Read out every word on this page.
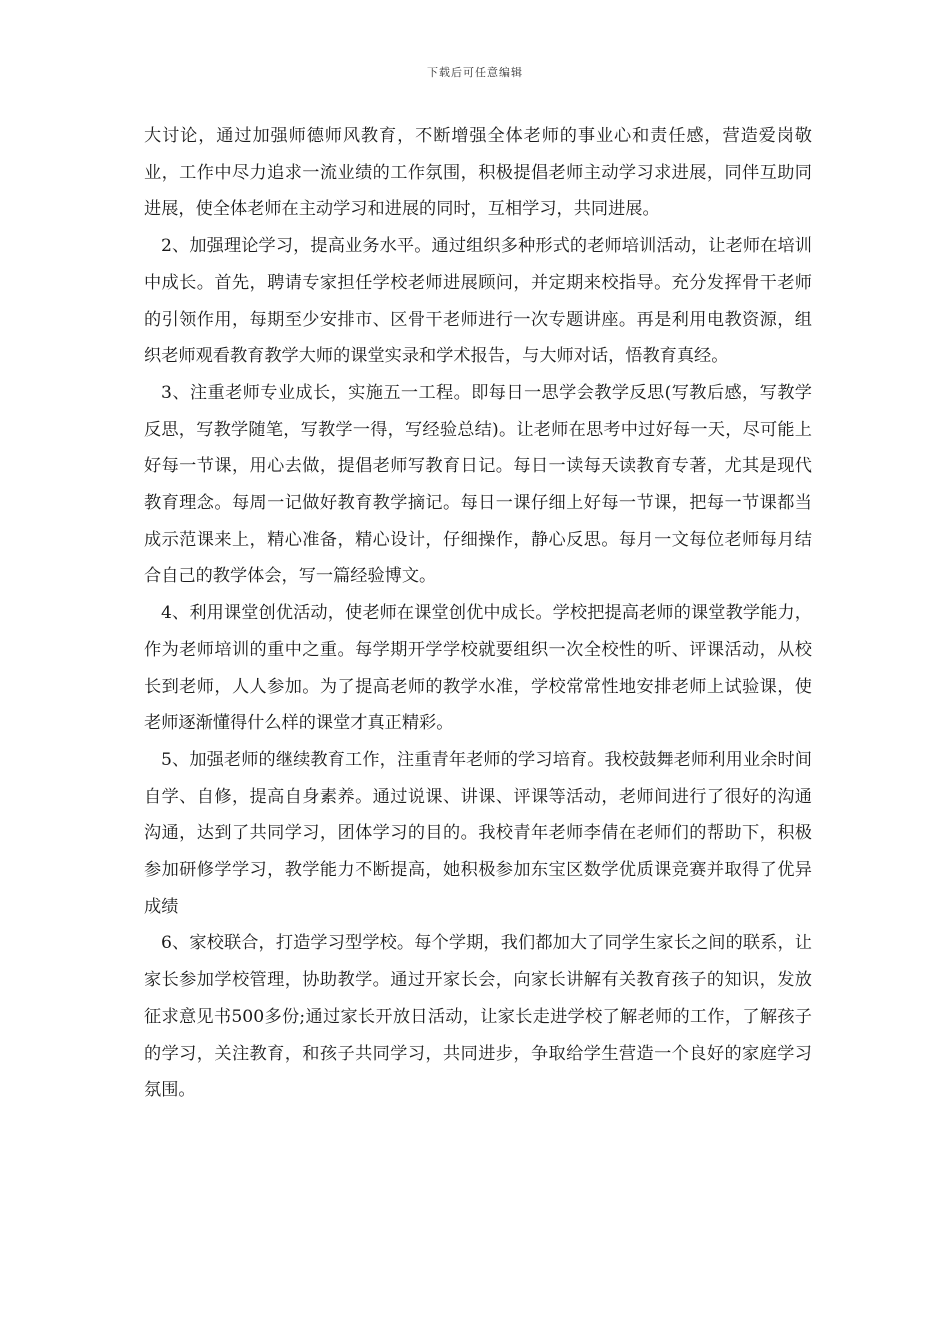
下载后可任意编辑

大讨论，通过加强师德师风教育，不断增强全体老师的事业心和责任感，营造爱岗敬业，工作中尽力追求一流业绩的工作氛围，积极提倡老师主动学习求进展，同伴互助同进展，使全体老师在主动学习和进展的同时，互相学习，共同进展。

2、加强理论学习，提高业务水平。通过组织多种形式的老师培训活动，让老师在培训中成长。首先，聘请专家担任学校老师进展顾问，并定期来校指导。充分发挥骨干老师的引领作用，每期至少安排市、区骨干老师进行一次专题讲座。再是利用电教资源，组织老师观看教育教学大师的课堂实录和学术报告，与大师对话，悟教育真经。

3、注重老师专业成长，实施五一工程。即每日一思学会教学反思(写教后感，写教学反思，写教学随笔，写教学一得，写经验总结)。让老师在思考中过好每一天，尽可能上好每一节课，用心去做，提倡老师写教育日记。每日一读每天读教育专著，尤其是现代教育理念。每周一记做好教育教学摘记。每日一课仔细上好每一节课，把每一节课都当成示范课来上，精心准备，精心设计，仔细操作，静心反思。每月一文每位老师每月结合自己的教学体会，写一篇经验博文。

4、利用课堂创优活动，使老师在课堂创优中成长。学校把提高老师的课堂教学能力，作为老师培训的重中之重。每学期开学学校就要组织一次全校性的听、评课活动，从校长到老师，人人参加。为了提高老师的教学水准，学校常常性地安排老师上试验课，使老师逐渐懂得什么样的课堂才真正精彩。

5、加强老师的继续教育工作，注重青年老师的学习培育。我校鼓舞老师利用业余时间自学、自修，提高自身素养。通过说课、讲课、评课等活动，老师间进行了很好的沟通沟通，达到了共同学习，团体学习的目的。我校青年老师李倩在老师们的帮助下，积极参加研修学学习，教学能力不断提高，她积极参加东宝区数学优质课竞赛并取得了优异成绩

6、家校联合，打造学习型学校。每个学期，我们都加大了同学生家长之间的联系，让家长参加学校管理，协助教学。通过开家长会，向家长讲解有关教育孩子的知识，发放征求意见书500多份;通过家长开放日活动，让家长走进学校了解老师的工作，了解孩子的学习，关注教育，和孩子共同学习，共同进步，争取给学生营造一个良好的家庭学习氛围。
